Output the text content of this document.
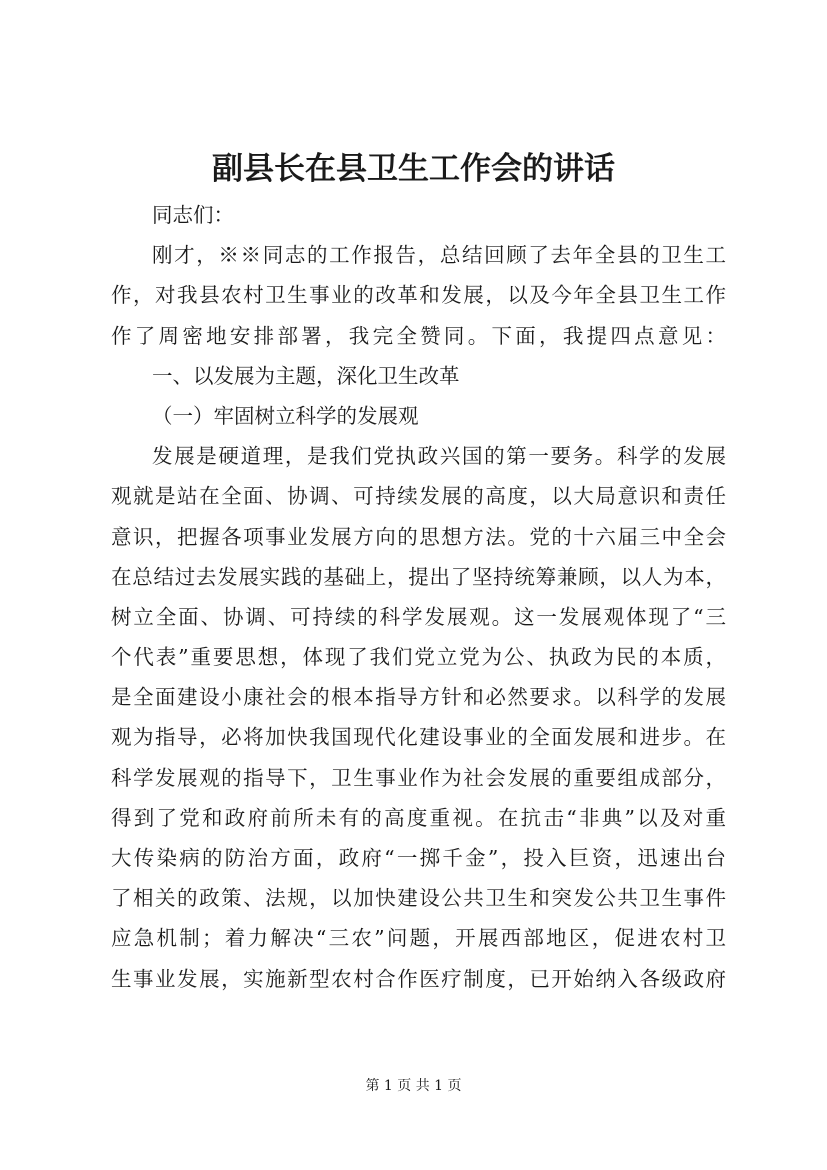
副县长在县卫生工作会的讲话
同志们：
刚才，※※同志的工作报告，总结回顾了去年全县的卫生工
作，对我县农村卫生事业的改革和发展，以及今年全县卫生工作
作了周密地安排部署，我完全赞同。下面，我提四点意见：
一、以发展为主题，深化卫生改革
（一）牢固树立科学的发展观
发展是硬道理，是我们党执政兴国的第一要务。科学的发展
观就是站在全面、协调、可持续发展的高度，以大局意识和责任
意识，把握各项事业发展方向的思想方法。党的十六届三中全会
在总结过去发展实践的基础上，提出了坚持统筹兼顾，以人为本，
树立全面、协调、可持续的科学发展观。这一发展观体现了“三
个代表”重要思想，体现了我们党立党为公、执政为民的本质，
是全面建设小康社会的根本指导方针和必然要求。以科学的发展
观为指导，必将加快我国现代化建设事业的全面发展和进步。在
科学发展观的指导下，卫生事业作为社会发展的重要组成部分，
得到了党和政府前所未有的高度重视。在抗击“非典”以及对重
大传染病的防治方面，政府“一掷千金”，投入巨资，迅速出台
了相关的政策、法规，以加快建设公共卫生和突发公共卫生事件
应急机制；着力解决“三农”问题，开展西部地区，促进农村卫
生事业发展，实施新型农村合作医疗制度，已开始纳入各级政府
第 1 页 共 1 页
